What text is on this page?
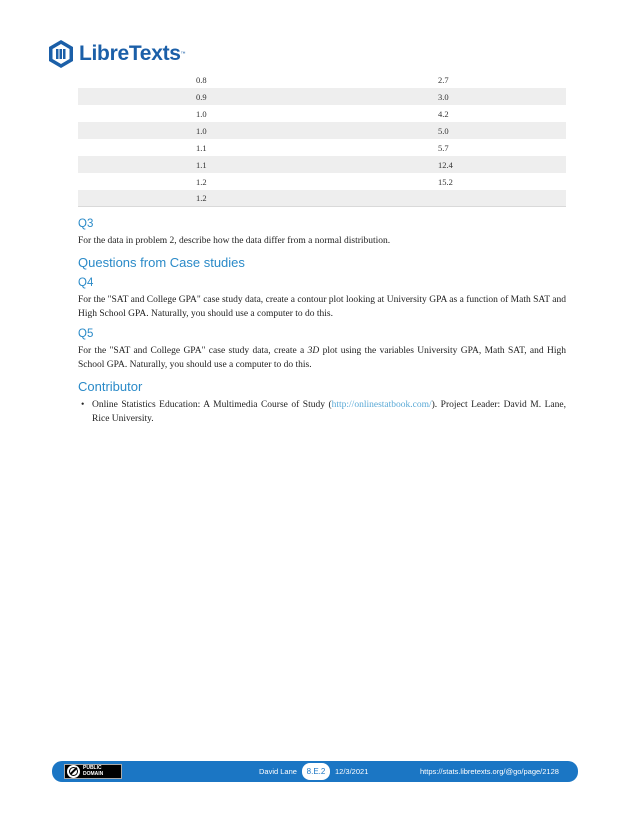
LibreTexts ™
0.8	2.7
0.9	3.0
1.0	4.2
1.0	5.0
1.1	5.7
1.1	12.4
1.2	15.2
1.2
Q3

For the data in problem 2, describe how the data differ from a normal distribution.

Questions from Case studies
Q4

For the "SAT and College GPA" case study data, create a contour plot looking at University GPA as a function of Math SAT and High School GPA. Naturally, you should use a computer to do this.

Q5

For the "SAT and College GPA" case study data, create a 3D plot using the variables University GPA, Math SAT, and High School GPA. Naturally, you should use a computer to do this.

Contributor
• Online Statistics Education: A Multimedia Course of Study (http://onlinestatbook.com/). Project Leader: David M. Lane, Rice University.
PUBLIC
DOMAIN	David Lane	8.E.2	12/3/2021	https://stats.libretexts.org/@go/page/2128
